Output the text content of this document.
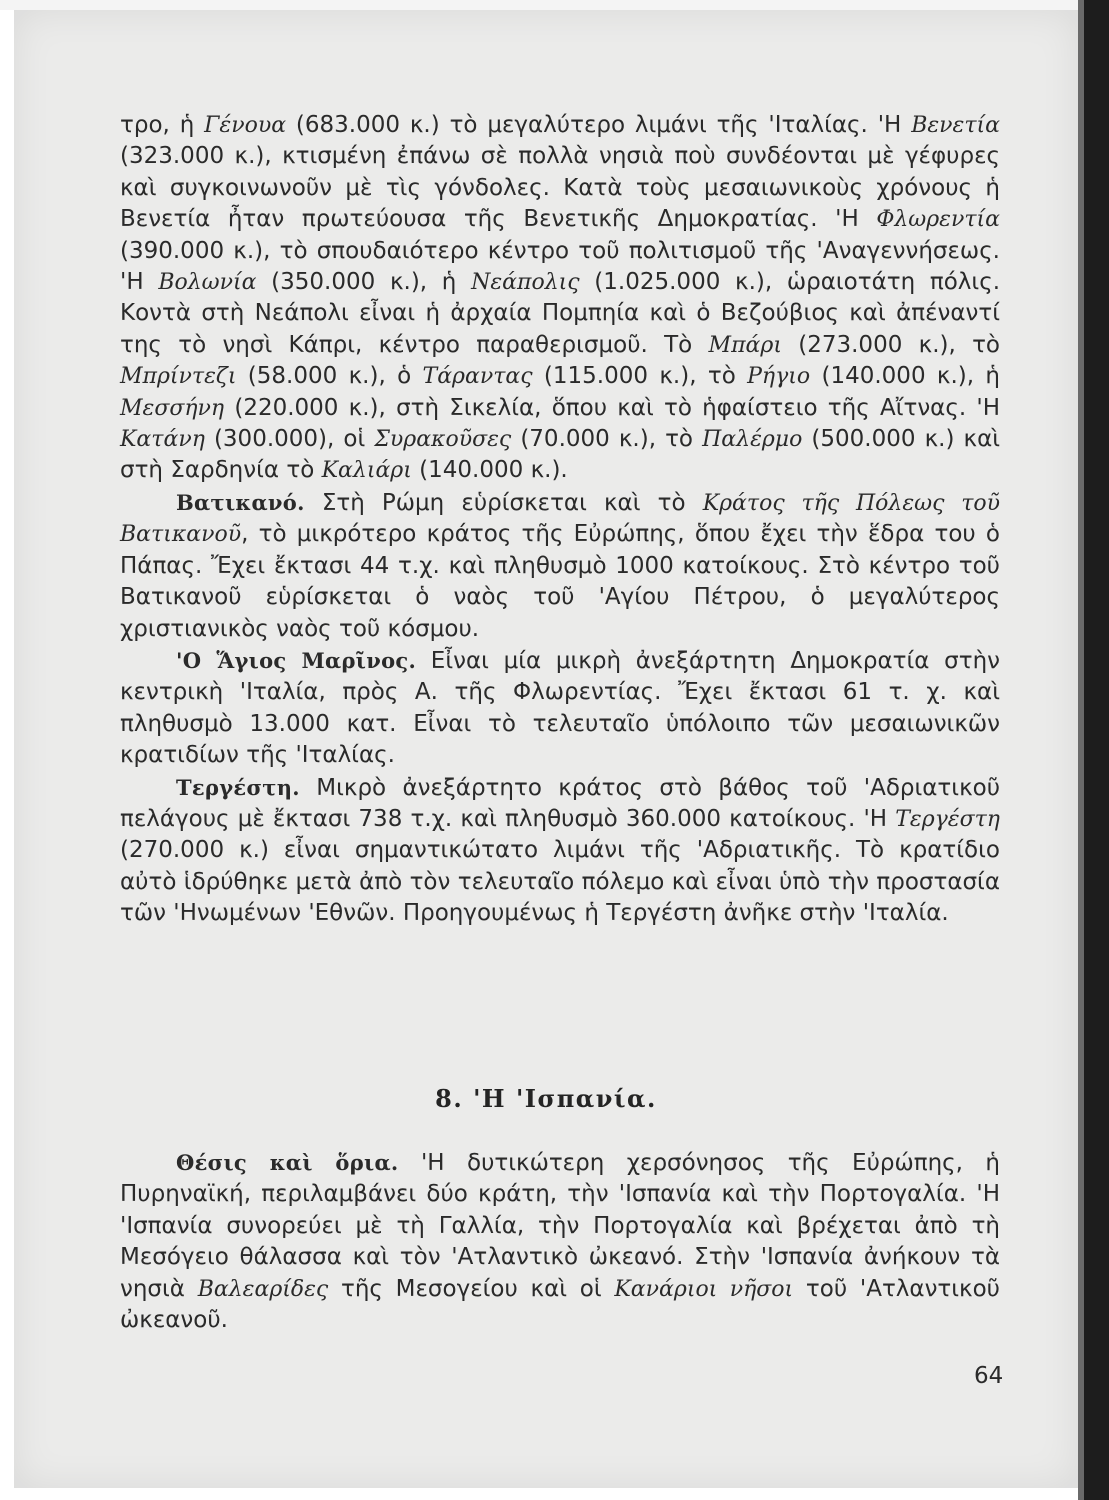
τρο, ἡ Γένουα (683.000 κ.) τὸ μεγαλύτερο λιμάνι τῆς 'Ιταλίας. 'Η Βενετία (323.000 κ.), κτισμένη ἐπάνω σὲ πολλὰ νησιὰ ποὺ συνδέονται μὲ γέφυρες καὶ συγκοινωνοῦν μὲ τὶς γόνδολες. Κατὰ τοὺς μεσαιωνικοὺς χρόνους ἡ Βενετία ἦταν πρωτεύουσα τῆς Βενετικῆς Δημοκρατίας. 'Η Φλωρεντία (390.000 κ.), τὸ σπουδαιότερο κέντρο τοῦ πολιτισμοῦ τῆς 'Αναγεννήσεως. 'Η Βολωνία (350.000 κ.), ἡ Νεάπολις (1.025.000 κ.), ὡραιοτάτη πόλις. Κοντὰ στὴ Νεάπολι εἶναι ἡ ἀρχαία Πομπηία καὶ ὁ Βεζούβιος καὶ ἀπέναντί της τὸ νησὶ Κάπρι, κέντρο παραθερισμοῦ. Τὸ Μπάρι (273.000 κ.), τὸ Μπρίντεζι (58.000 κ.), ὁ Τάραντας (115.000 κ.), τὸ Ρήγιο (140.000 κ.), ἡ Μεσσήνη (220.000 κ.), στὴ Σικελία, ὅπου καὶ τὸ ἡφαίστειο τῆς Αἴτνας. 'Η Κατάνη (300.000), οἱ Συρακοῦσες (70.000 κ.), τὸ Παλέρμο (500.000 κ.) καὶ στὴ Σαρδηνία τὸ Καλιάρι (140.000 κ.).

Βατικανό. Στὴ Ρώμη εὑρίσκεται καὶ τὸ Κράτος τῆς Πόλεως τοῦ Βατικανοῦ, τὸ μικρότερο κράτος τῆς Εὐρώπης, ὅπου ἔχει τὴν ἕδρα του ὁ Πάπας. Ἔχει ἔκτασι 44 τ.χ. καὶ πληθυσμὸ 1000 κατοίκους. Στὸ κέντρο τοῦ Βατικανοῦ εὑρίσκεται ὁ ναὸς τοῦ 'Αγίου Πέτρου, ὁ μεγαλύτερος χριστιανικὸς ναὸς τοῦ κόσμου.

'Ο Ἅγιος Μαρῖνος. Εἶναι μία μικρὴ ἀνεξάρτητη Δημοκρατία στὴν κεντρικὴ 'Ιταλία, πρὸς Α. τῆς Φλωρεντίας. Ἔχει ἔκτασι 61 τ. χ. καὶ πληθυσμὸ 13.000 κατ. Εἶναι τὸ τελευταῖο ὑπόλοιπο τῶν μεσαιωνικῶν κρατιδίων τῆς 'Ιταλίας.

Τεργέστη. Μικρὸ ἀνεξάρτητο κράτος στὸ βάθος τοῦ 'Αδριατικοῦ πελάγους μὲ ἔκτασι 738 τ.χ. καὶ πληθυσμὸ 360.000 κατοίκους. 'Η Τεργέστη (270.000 κ.) εἶναι σημαντικώτατο λιμάνι τῆς 'Αδριατικῆς. Τὸ κρατίδιο αὐτὸ ἱδρύθηκε μετὰ ἀπὸ τὸν τελευταῖο πόλεμο καὶ εἶναι ὑπὸ τὴν προστασία τῶν 'Ηνωμένων 'Εθνῶν. Προηγουμένως ἡ Τεργέστη ἀνῆκε στὴν 'Ιταλία.

8. 'Η 'Ισπανία.

Θέσις καὶ ὅρια. 'Η δυτικώτερη χερσόνησος τῆς Εὐρώπης, ἡ Πυρηναϊκή, περιλαμβάνει δύο κράτη, τὴν 'Ισπανία καὶ τὴν Πορτογαλία. 'Η 'Ισπανία συνορεύει μὲ τὴ Γαλλία, τὴν Πορτογαλία καὶ βρέχεται ἀπὸ τὴ Μεσόγειο θάλασσα καὶ τὸν 'Ατλαντικὸ ὠκεανό. Στὴν 'Ισπανία ἀνήκουν τὰ νησιὰ Βαλεαρίδες τῆς Μεσογείου καὶ οἱ Κανάριοι νῆσοι τοῦ 'Ατλαντικοῦ ὠκεανοῦ.

64
